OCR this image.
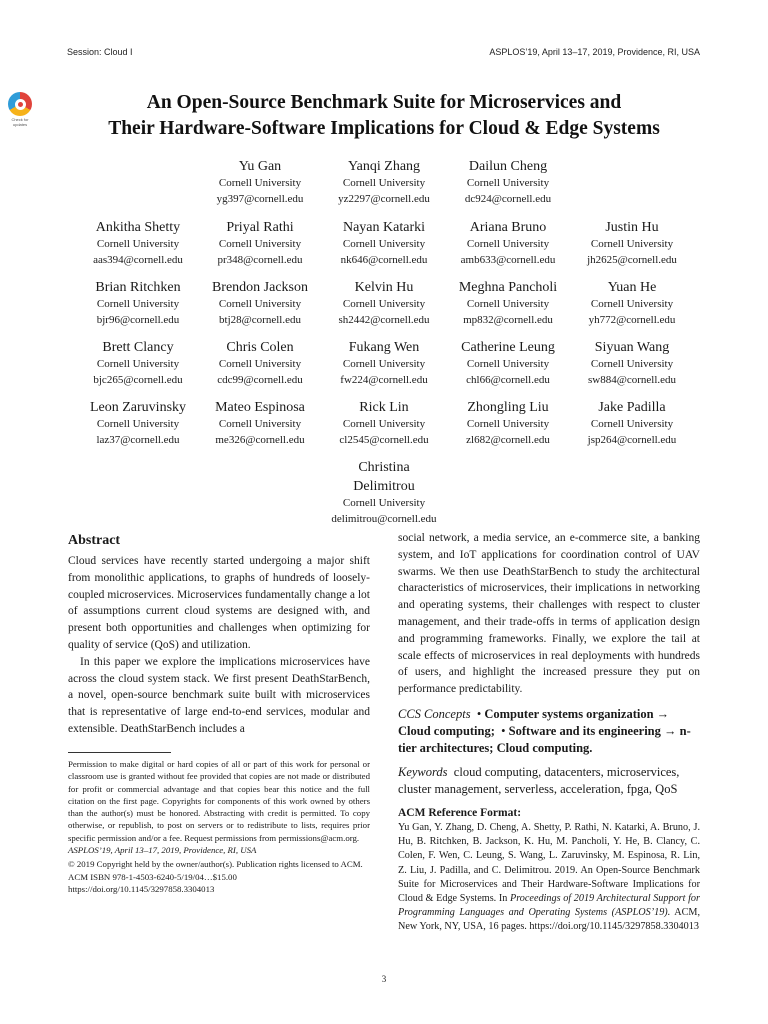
Session: Cloud I	ASPLOS’19, April 13–17, 2019, Providence, RI, USA
Check for
updates
An Open-Source Benchmark Suite for Microservices and
Their Hardware-Software Implications for Cloud & Edge Systems
Yu Gan
Cornell University
yg397@cornell.edu
Yanqi Zhang
Cornell University
yz2297@cornell.edu
Dailun Cheng
Cornell University
dc924@cornell.edu
Ankitha Shetty
Cornell University
aas394@cornell.edu
Priyal Rathi
Cornell University
pr348@cornell.edu
Nayan Katarki
Cornell University
nk646@cornell.edu
Ariana Bruno
Cornell University
amb633@cornell.edu
Justin Hu
Cornell University
jh2625@cornell.edu
Brian Ritchken
Cornell University
bjr96@cornell.edu
Brendon Jackson
Cornell University
btj28@cornell.edu
Kelvin Hu
Cornell University
sh2442@cornell.edu
Meghna Pancholi
Cornell University
mp832@cornell.edu
Yuan He
Cornell University
yh772@cornell.edu
Brett Clancy
Cornell University
bjc265@cornell.edu
Chris Colen
Cornell University
cdc99@cornell.edu
Fukang Wen
Cornell University
fw224@cornell.edu
Catherine Leung
Cornell University
chl66@cornell.edu
Siyuan Wang
Cornell University
sw884@cornell.edu
Leon Zaruvinsky
Cornell University
laz37@cornell.edu
Mateo Espinosa
Cornell University
me326@cornell.edu
Rick Lin
Cornell University
cl2545@cornell.edu
Zhongling Liu
Cornell University
zl682@cornell.edu
Jake Padilla
Cornell University
jsp264@cornell.edu
Christina
Delimitrou
Cornell University
delimitrou@cornell.edu
Abstract

Cloud services have recently started undergoing a major shift from monolithic applications, to graphs of hundreds of loosely-coupled microservices. Microservices fundamentally change a lot of assumptions current cloud systems are designed with, and present both opportunities and challenges when optimizing for quality of service (QoS) and utilization.

In this paper we explore the implications microservices have across the cloud system stack. We first present DeathStarBench, a novel, open-source benchmark suite built with microservices that is representative of large end-to-end services, modular and extensible. DeathStarBench includes a

Permission to make digital or hard copies of all or part of this work for personal or classroom use is granted without fee provided that copies are not made or distributed for profit or commercial advantage and that copies bear this notice and the full citation on the first page. Copyrights for components of this work owned by others than the author(s) must be honored. Abstracting with credit is permitted. To copy otherwise, or republish, to post on servers or to redistribute to lists, requires prior specific permission and/or a fee. Request permissions from permissions@acm.org.
ASPLOS’19, April 13–17, 2019, Providence, RI, USA
© 2019 Copyright held by the owner/author(s). Publication rights licensed to ACM.
ACM ISBN 978-1-4503-6240-5/19/04…$15.00
https://doi.org/10.1145/3297858.3304013

social network, a media service, an e-commerce site, a banking system, and IoT applications for coordination control of UAV swarms. We then use DeathStarBench to study the architectural characteristics of microservices, their implications in networking and operating systems, their challenges with respect to cluster management, and their trade-offs in terms of application design and programming frameworks. Finally, we explore the tail at scale effects of microservices in real deployments with hundreds of users, and highlight the increased pressure they put on performance predictability.

CCS Concepts  • Computer systems organization → Cloud computing;  • Software and its engineering → n-tier architectures; Cloud computing.
Keywords cloud computing, datacenters, microservices, cluster management, serverless, acceleration, fpga, QoS
ACM Reference Format:
Yu Gan, Y. Zhang, D. Cheng, A. Shetty, P. Rathi, N. Katarki, A. Bruno, J. Hu, B. Ritchken, B. Jackson, K. Hu, M. Pancholi, Y. He, B. Clancy, C. Colen, F. Wen, C. Leung, S. Wang, L. Zaruvinsky, M. Espinosa, R. Lin, Z. Liu, J. Padilla, and C. Delimitrou. 2019. An Open-Source Benchmark Suite for Microservices and Their Hardware-Software Implications for Cloud & Edge Systems. In Proceedings of 2019 Architectural Support for Programming Languages and Operating Systems (ASPLOS’19). ACM, New York, NY, USA, 16 pages. https://doi.org/10.1145/3297858.3304013
3
